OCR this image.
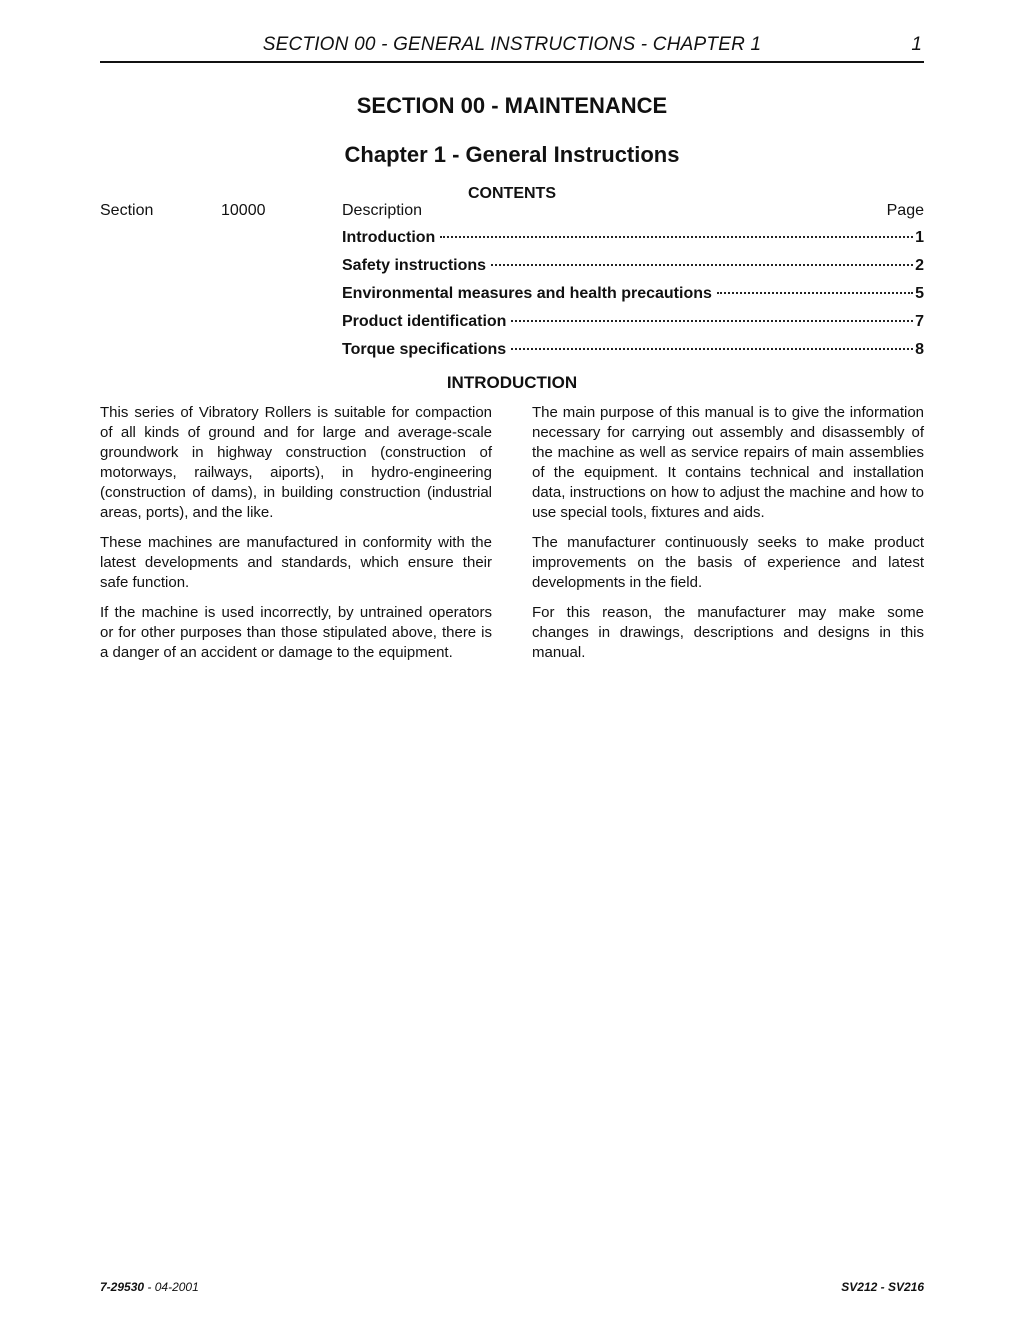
SECTION 00 - GENERAL INSTRUCTIONS - CHAPTER 1	1
SECTION 00 - MAINTENANCE
Chapter 1 - General Instructions
CONTENTS
Section	10000	Description	Page
Introduction	1
Safety instructions	2
Environmental measures and health precautions	5
Product identification	7
Torque specifications	8
INTRODUCTION

This series of Vibratory Rollers is suitable for compaction of all kinds of ground and for large and average-scale groundwork in highway construction (construction of motorways, railways, aiports), in hydro-engineering (construction of dams), in building construction (industrial areas, ports), and the like.

These machines are manufactured in conformity with the latest developments and standards, which ensure their safe function.

If the machine is used incorrectly, by untrained operators or for other purposes than those stipulated above, there is a danger of an accident or damage to the equipment.

The main purpose of this manual is to give the information necessary for carrying out assembly and disassembly of the machine as well as service repairs of main assemblies of the equipment. It contains technical and installation data, instructions on how to adjust the machine and how to use special tools, fixtures and aids.

The manufacturer continuously seeks to make product improvements on the basis of experience and latest developments in the field.

For this reason, the manufacturer may make some changes in drawings, descriptions and designs in this manual.

7-29530 - 04-2001	SV212 - SV216
